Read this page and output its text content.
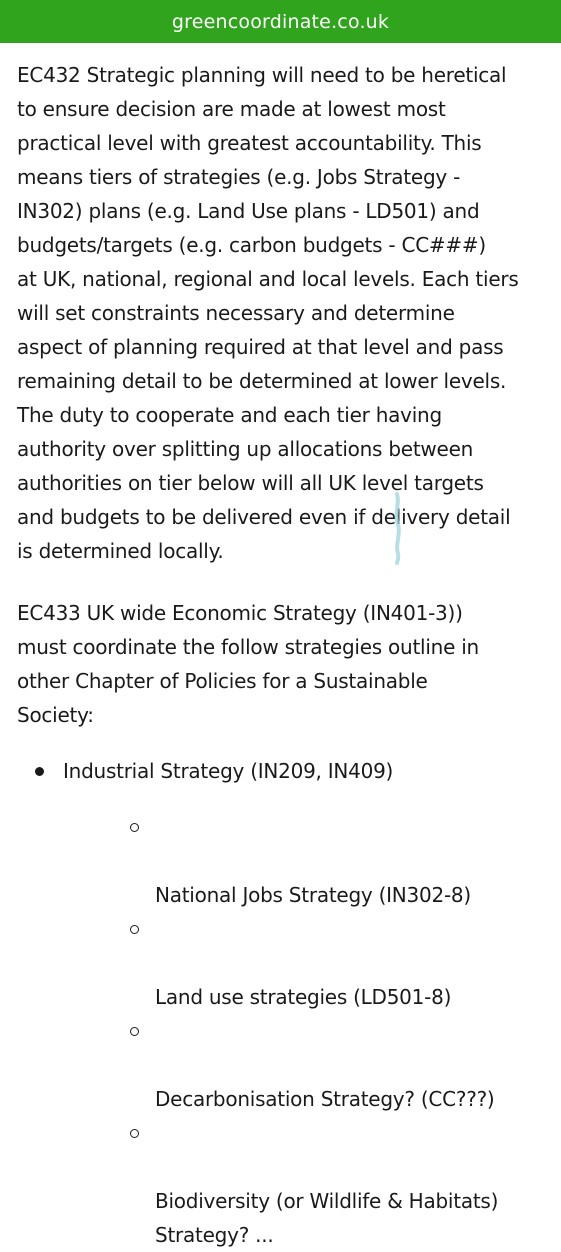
greencoordinate.co.uk

EC432 Strategic planning will need to be heretical
to ensure decision are made at lowest most
practical level with greatest accountability. This
means tiers of strategies (e.g. Jobs Strategy -
IN302) plans (e.g. Land Use plans - LD501) and
budgets/targets (e.g. carbon budgets - CC###)
at UK, national, regional and local levels. Each tiers
will set constraints necessary and determine
aspect of planning required at that level and pass
remaining detail to be determined at lower levels.
The duty to cooperate and each tier having
authority over splitting up allocations between
authorities on tier below will all UK level targets
and budgets to be delivered even if delivery detail
is determined locally.

EC433 UK wide Economic Strategy (IN401-3))
must coordinate the follow strategies outline in
other Chapter of Policies for a Sustainable
Society:

Industrial Strategy (IN209, IN409)

National Jobs Strategy (IN302-8)

Land use strategies (LD501-8)

Decarbonisation Strategy? (CC???)

Biodiversity (or Wildlife & Habitats)
Strategy? ...
